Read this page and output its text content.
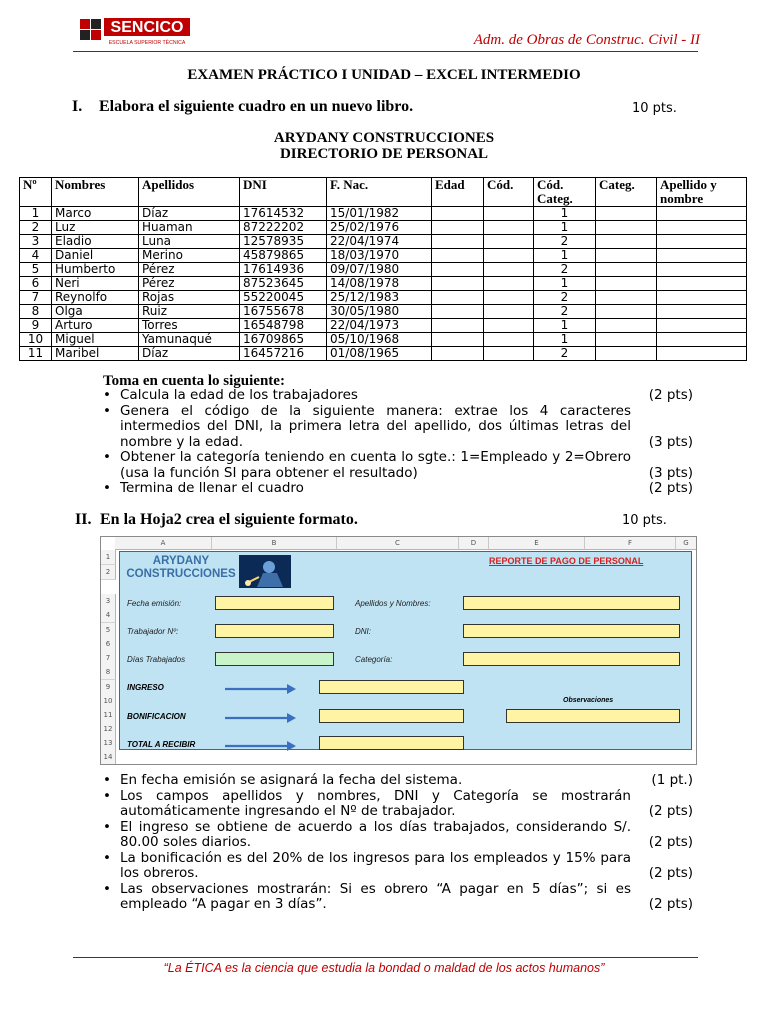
SENCICO
ESCUELA SUPERIOR TÉCNICA	Adm. de Obras de Construc. Civil - II
EXAMEN PRÁCTICO I UNIDAD – EXCEL INTERMEDIO
I. Elabora el siguiente cuadro en un nuevo libro.	10 pts.
ARYDANY CONSTRUCCIONES
DIRECTORIO DE PERSONAL
Nº	Nombres	Apellidos	DNI	F. Nac.	Edad	Cód.	Cód. Categ.	Categ.	Apellido y nombre
1	Marco	Díaz	17614532	15/01/1982			1		
2	Luz	Huaman	87222202	25/02/1976			1		
3	Eladio	Luna	12578935	22/04/1974			2		
4	Daniel	Merino	45879865	18/03/1970			1		
5	Humberto	Pérez	17614936	09/07/1980			2		
6	Neri	Pérez	87523645	14/08/1978			1		
7	Reynolfo	Rojas	55220045	25/12/1983			2		
8	Olga	Ruiz	16755678	30/05/1980			2		
9	Arturo	Torres	16548798	22/04/1973			1		
10	Miguel	Yamunaqué	16709865	05/10/1968			1		
11	Maribel	Díaz	16457216	01/08/1965			2		
Toma en cuenta lo siguiente:
• Calcula la edad de los trabajadores	(2 pts)
• Genera el código de la siguiente manera: extrae los 4 caracteres intermedios del DNI, la primera letra del apellido, dos últimas letras del nombre y la edad.	(3 pts)
• Obtener la categoría teniendo en cuenta lo sgte.: 1=Empleado y 2=Obrero (usa la función SI para obtener el resultado)	(3 pts)
• Termina de llenar el cuadro	(2 pts)
II. En la Hoja2 crea el siguiente formato.	10 pts.
A	B	C	D	E	F	G
1
2
3
4
5
6
7
8
9
10
11
12
13
14
ARYDANY
CONSTRUCCIONES
REPORTE DE PAGO DE PERSONAL
Fecha emisión:	Apellidos y Nombres:
Trabajador Nº:	DNI:
Días Trabajados	Categoría:
INGRESO
Observaciones
BONIFICACION
TOTAL A RECIBIR
• En fecha emisión se asignará la fecha del sistema.	(1 pt.)
• Los campos apellidos y nombres, DNI y Categoría se mostrarán automáticamente ingresando el Nº de trabajador.	(2 pts)
• El ingreso se obtiene de acuerdo a los días trabajados, considerando S/. 80.00 soles diarios.	(2 pts)
• La bonificación es del 20% de los ingresos para los empleados y 15% para los obreros.	(2 pts)
• Las observaciones mostrarán: Si es obrero “A pagar en 5 días”; si es empleado “A pagar en 3 días”.	(2 pts)
“La ÉTICA es la ciencia que estudia la bondad o maldad de los actos humanos”
